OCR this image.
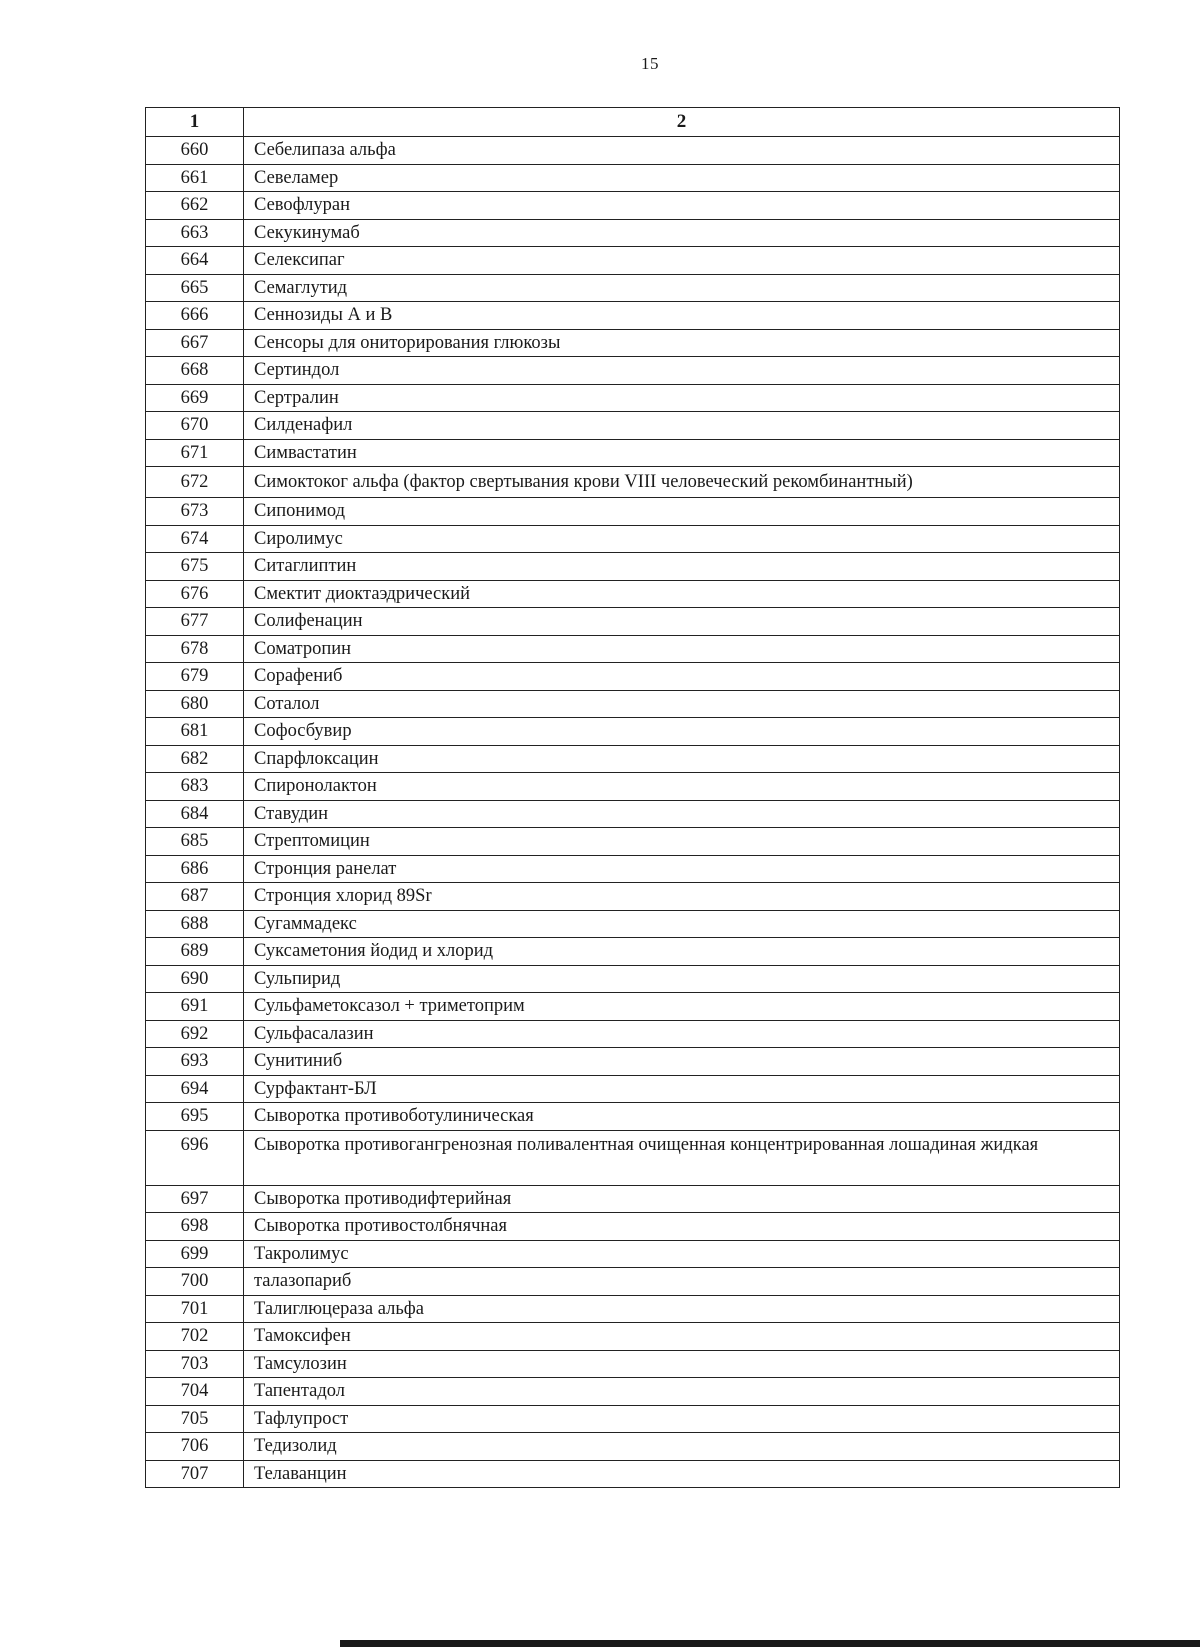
15
1	2
660	Себелипаза альфа
661	Севеламер
662	Севофлуран
663	Секукинумаб
664	Селексипаг
665	Семаглутид
666	Сеннозиды А и В
667	Сенсоры для ониторирования глюкозы
668	Сертиндол
669	Сертралин
670	Силденафил
671	Симвастатин
672	Симоктоког альфа (фактор свертывания крови VIII человеческий рекомбинантный)
673	Сипонимод
674	Сиролимус
675	Ситаглиптин
676	Смектит диоктаэдрический
677	Солифенацин
678	Соматропин
679	Сорафениб
680	Соталол
681	Софосбувир
682	Спарфлоксацин
683	Спиронолактон
684	Ставудин
685	Стрептомицин
686	Стронция ранелат
687	Стронция хлорид 89Sr
688	Сугаммадекс
689	Суксаметония йодид и хлорид
690	Сульпирид
691	Сульфаметоксазол + триметоприм
692	Сульфасалазин
693	Сунитиниб
694	Сурфактант-БЛ
695	Сыворотка противоботулиническая
696	Сыворотка противогангренозная поливалентная очищенная концентрированная лошадиная жидкая
697	Сыворотка противодифтерийная
698	Сыворотка противостолбнячная
699	Такролимус
700	талазопариб
701	Талиглюцераза альфа
702	Тамоксифен
703	Тамсулозин
704	Тапентадол
705	Тафлупрост
706	Тедизолид
707	Телаванцин
